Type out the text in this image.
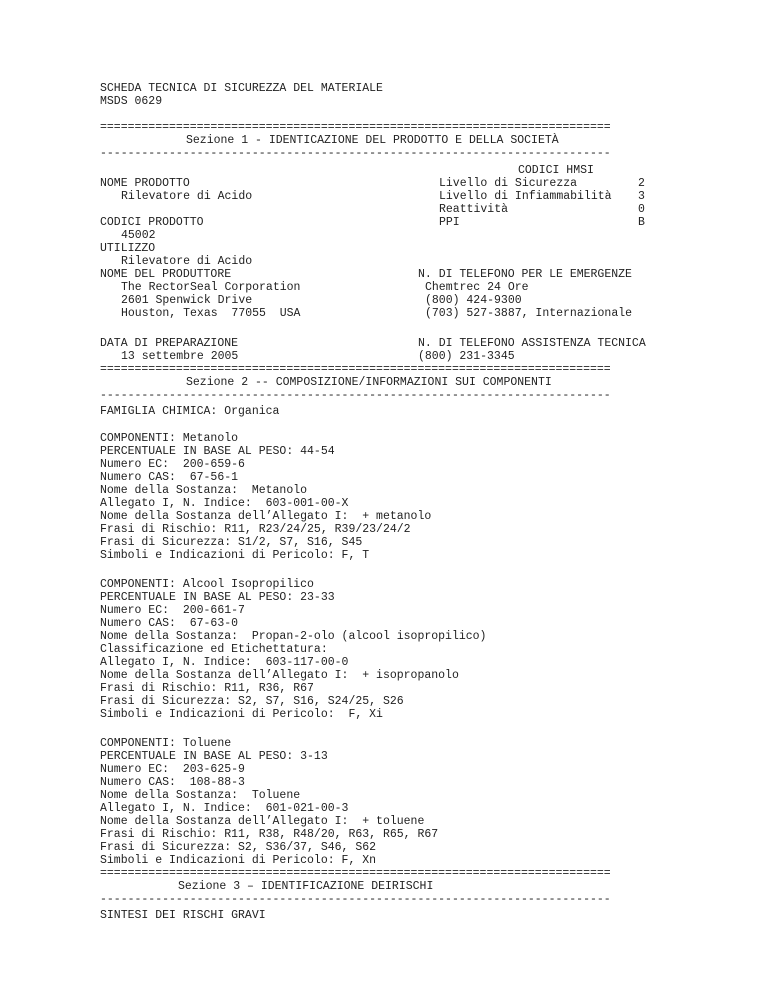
SCHEDA TECNICA DI SICUREZZA DEL MATERIALE
MSDS 0629
==========================================================================
Sezione 1 - IDENTICAZIONE DEL PRODOTTO E DELLA SOCIETÀ
--------------------------------------------------------------------------
NOME PRODOTTO
Rilevatore di Acido
CODICI PRODOTTO
45002
UTILIZZO
Rilevatore di Acido
NOME DEL PRODUTTORE
The RectorSeal Corporation
2601 Spenwick Drive
Houston, Texas  77055  USA
DATA DI PREPARAZIONE
13 settembre 2005
CODICI HMSI
Livello di Sicurezza	2
Livello di Infiammabilità 3
Reattività	0
PPI	B
N. DI TELEFONO PER LE EMERGENZE
Chemtrec 24 Ore
(800) 424-9300
(703) 527-3887, Internazionale
N. DI TELEFONO ASSISTENZA TECNICA
(800) 231-3345
==========================================================================
Sezione 2 -- COMPOSIZIONE/INFORMAZIONI SUI COMPONENTI
--------------------------------------------------------------------------
FAMIGLIA CHIMICA: Organica
COMPONENTI: Metanolo
PERCENTUALE IN BASE AL PESO: 44-54
Numero EC:  200-659-6
Numero CAS:  67-56-1
Nome della Sostanza:  Metanolo
Allegato I, N. Indice:  603-001-00-X
Nome della Sostanza dell’Allegato I:  + metanolo
Frasi di Rischio: R11, R23/24/25, R39/23/24/2
Frasi di Sicurezza: S1/2, S7, S16, S45
Simboli e Indicazioni di Pericolo: F, T
COMPONENTI: Alcool Isopropilico
PERCENTUALE IN BASE AL PESO: 23-33
Numero EC:  200-661-7
Numero CAS:  67-63-0
Nome della Sostanza:  Propan-2-olo (alcool isopropilico)
Classificazione ed Etichettatura:
Allegato I, N. Indice:  603-117-00-0
Nome della Sostanza dell’Allegato I:  + isopropanolo
Frasi di Rischio: R11, R36, R67
Frasi di Sicurezza: S2, S7, S16, S24/25, S26
Simboli e Indicazioni di Pericolo:  F, Xi
COMPONENTI: Toluene
PERCENTUALE IN BASE AL PESO: 3-13
Numero EC:  203-625-9
Numero CAS:  108-88-3
Nome della Sostanza:  Toluene
Allegato I, N. Indice:  601-021-00-3
Nome della Sostanza dell’Allegato I:  + toluene
Frasi di Rischio: R11, R38, R48/20, R63, R65, R67
Frasi di Sicurezza: S2, S36/37, S46, S62
Simboli e Indicazioni di Pericolo: F, Xn
==========================================================================
Sezione 3 – IDENTIFICAZIONE DEIRISCHI
--------------------------------------------------------------------------
SINTESI DEI RISCHI GRAVI
